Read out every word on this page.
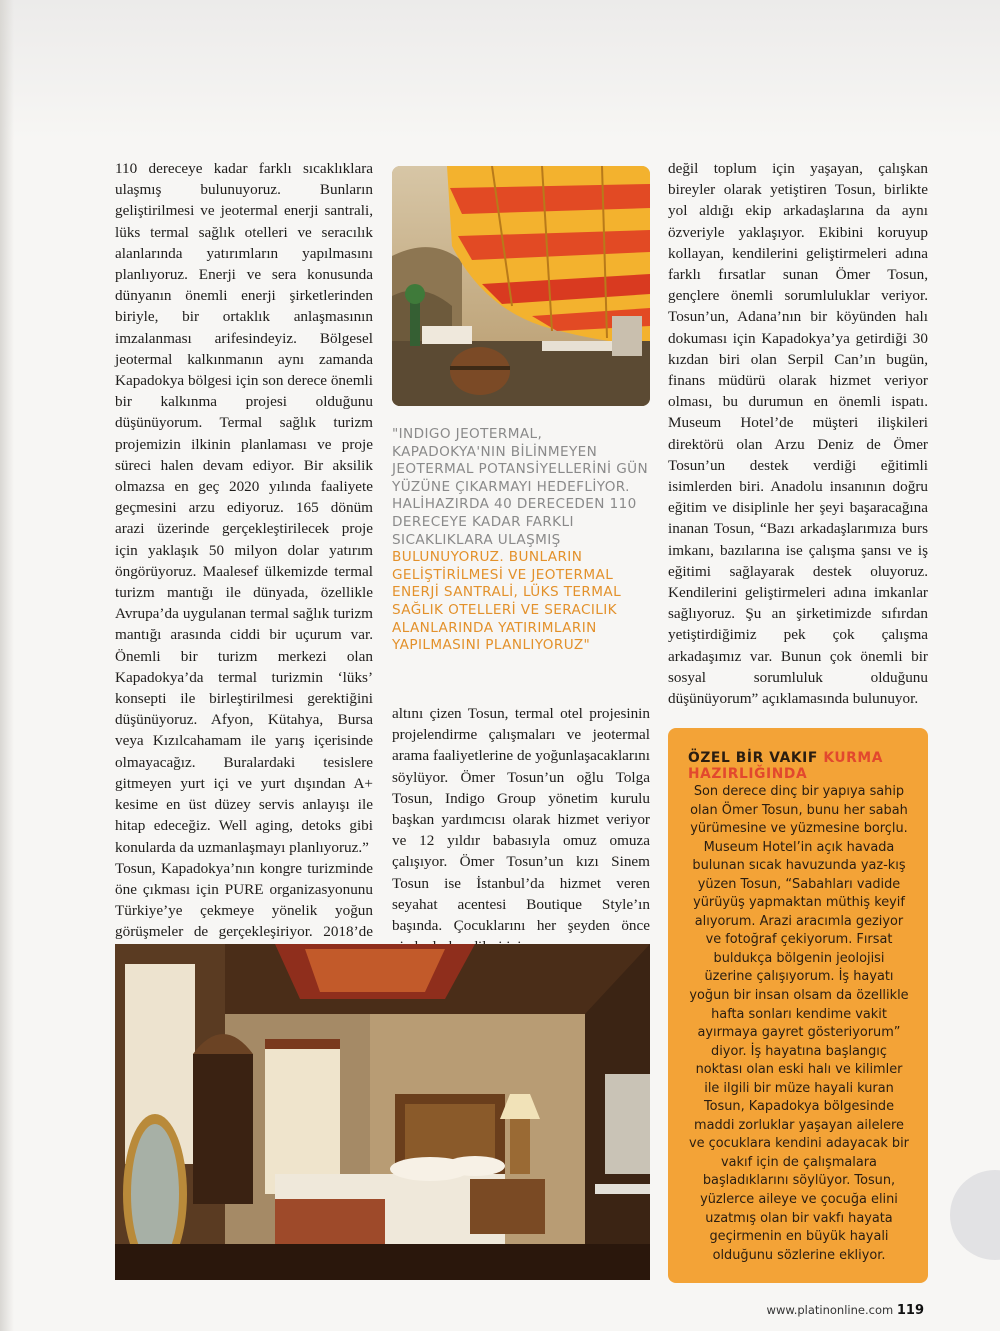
110 dereceye kadar farklı sıcaklıklara ulaşmış bulunuyoruz. Bunların geliştirilmesi ve jeotermal enerji santrali, lüks termal sağlık otelleri ve seracılık alanlarında yatırımların yapılmasını planlıyoruz. Enerji ve sera konusunda dünyanın önemli enerji şirketlerinden biriyle, bir ortaklık anlaşmasının imzalanması arifesindeyiz. Bölgesel jeotermal kalkınmanın aynı zamanda Kapadokya bölgesi için son derece önemli bir kalkınma projesi olduğunu düşünüyorum. Termal sağlık turizm projemizin ilkinin planlaması ve proje süreci halen devam ediyor. Bir aksilik olmazsa en geç 2020 yılında faaliyete geçmesini arzu ediyoruz. 165 dönüm arazi üzerinde gerçekleştirilecek proje için yaklaşık 50 milyon dolar yatırım öngörüyoruz. Maalesef ülkemizde termal turizm mantığı ile dünyada, özellikle Avrupa’da uygulanan termal sağlık turizm mantığı arasında ciddi bir uçurum var. Önemli bir turizm merkezi olan Kapadokya’da termal turizmin ‘lüks’ konsepti ile birleştirilmesi gerektiğini düşünüyoruz. Afyon, Kütahya, Bursa veya Kızılcahamam ile yarış içerisinde olmayacağız. Buralardaki tesislere gitmeyen yurt içi ve yurt dışından A+ kesime en üst düzey servis anlayışı ile hitap edeceğiz. Well aging, detoks gibi konularda da uzmanlaşmayı planlıyoruz.”

Tosun, Kapadokya’nın kongre turizminde öne çıkması için PURE organizasyonunu Türkiye’ye çekmeye yönelik yoğun görüşmeler de gerçekleşiriyor. 2018’de

"INDIGO JEOTERMAL, KAPADOKYA'NIN BİLİNMEYEN JEOTERMAL POTANSİYELLERİNİ GÜN YÜZÜNE ÇIKARMAYI HEDEFLİYOR. HALİHAZIRDA 40 DERECEDEN 110 DERECEYE KADAR FARKLI SICAKLIKLARA ULAŞMIŞ BULUNUYORUZ. BUNLARIN GELİŞTİRİLMESİ VE JEOTERMAL ENERJİ SANTRALİ, LÜKS TERMAL SAĞLIK OTELLERİ VE SERACILIK ALANLARINDA YATIRIMLARIN YAPILMASINI PLANLIYORUZ"

altını çizen Tosun, termal otel projesinin projelendirme çalışmaları ve jeotermal arama faaliyetlerine de yoğunlaşacaklarını söylüyor. Ömer Tosun’un oğlu Tolga Tosun, Indigo Group yönetim kurulu başkan yardımcısı olarak hizmet veriyor ve 12 yıldır babasıyla omuz omuza çalışıyor. Ömer Tosun’un kızı Sinem Tosun ise İstanbul’da hizmet veren seyahat acentesi Boutique Style’ın başında. Çocuklarını her şeyden önce

değil toplum için yaşayan, çalışkan bireyler olarak yetiştiren Tosun, birlikte yol aldığı ekip arkadaşlarına da aynı özveriyle yaklaşıyor. Ekibini koruyup kollayan, kendilerini geliştirmeleri adına farklı fırsatlar sunan Ömer Tosun, gençlere önemli sorumluluklar veriyor. Tosun’un, Adana’nın bir köyünden halı dokuması için Kapadokya’ya getirdiği 30 kızdan biri olan Serpil Can’ın bugün, finans müdürü olarak hizmet veriyor olması, bu durumun en önemli ispatı. Museum Hotel’de müşteri ilişkileri direktörü olan Arzu Deniz de Ömer Tosun’un destek verdiği eğitimli isimlerden biri. Anadolu insanının doğru eğitim ve disiplinle her şeyi başaracağına inanan Tosun, “Bazı arkadaşlarımıza burs imkanı, bazılarına ise çalışma şansı ve iş eğitimi sağlayarak destek oluyoruz. Kendilerini geliştirmeleri adına imkanlar sağlıyoruz. Şu an şirketimizde sıfırdan yetiştirdiğimiz pek çok çalışma arkadaşımız var. Bunun çok önemli bir sosyal sorumluluk olduğunu düşünüyorum” açıklamasında bulunuyor.

ÖZEL BİR VAKIF KURMA HAZIRLIĞINDA
Son derece dinç bir yapıya sahip olan Ömer Tosun, bunu her sabah yürümesine ve yüzmesine borçlu. Museum Hotel’in açık havada bulunan sıcak havuzunda yaz-kış yüzen Tosun, “Sabahları vadide yürüyüş yapmaktan müthiş keyif alıyorum. Arazi aracımla geziyor ve fotoğraf çekiyorum. Fırsat buldukça bölgenin jeolojisi üzerine çalışıyorum. İş hayatı yoğun bir insan olsam da özellikle hafta sonları kendime vakit ayırmaya gayret gösteriyorum” diyor. İş hayatına başlangıç noktası olan eski halı ve kilimler ile ilgili bir müze hayali kuran Tosun, Kapadokya bölgesinde maddi zorluklar yaşayan ailelere ve çocuklara kendini adayacak bir vakıf için de çalışmalara başladıklarını söylüyor. Tosun, yüzlerce aileye ve çocuğa elini uzatmış olan bir vakfı hayata geçirmenin en büyük hayali olduğunu sözlerine ekliyor.
www.platinonline.com 119
